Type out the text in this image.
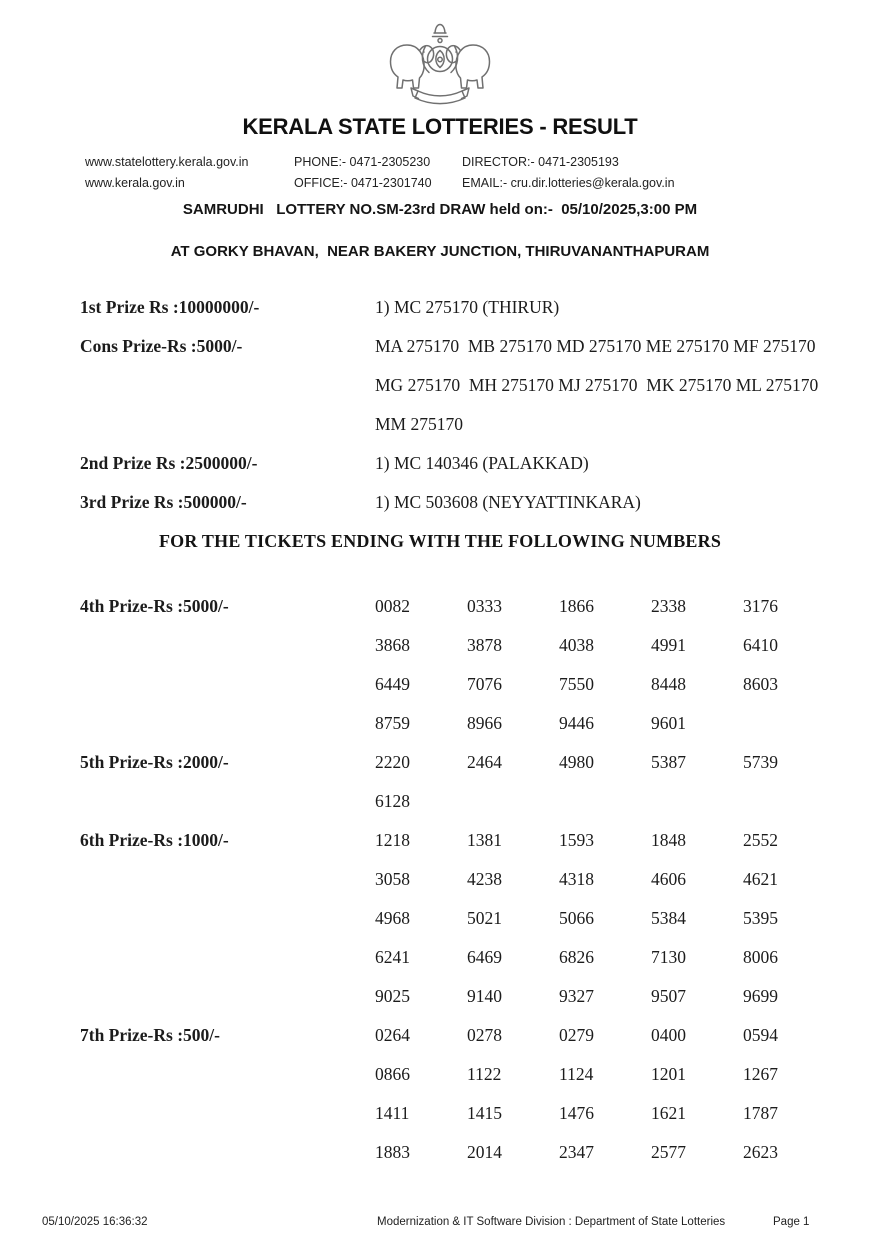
KERALA STATE LOTTERIES - RESULT
www.statelottery.kerala.gov.in	PHONE:- 0471-2305230	DIRECTOR:- 0471-2305193
www.kerala.gov.in	OFFICE:- 0471-2301740	EMAIL:- cru.dir.lotteries@kerala.gov.in
SAMRUDHI   LOTTERY NO.SM-23rd DRAW held on:-  05/10/2025,3:00 PM
AT GORKY BHAVAN,  NEAR BAKERY JUNCTION, THIRUVANANTHAPURAM
1st Prize Rs :10000000/-	1) MC 275170 (THIRUR)
Cons Prize-Rs :5000/-	MA 275170  MB 275170 MD 275170 ME 275170 MF 275170
MG 275170  MH 275170 MJ 275170  MK 275170 ML 275170
MM 275170
2nd Prize Rs :2500000/-	1) MC 140346 (PALAKKAD)
3rd Prize Rs :500000/-	1) MC 503608 (NEYYATTINKARA)
FOR THE TICKETS ENDING WITH THE FOLLOWING NUMBERS
4th Prize-Rs :5000/-	0082	0333	1866	2338	3176
3868	3878	4038	4991	6410
6449	7076	7550	8448	8603
8759	8966	9446	9601
5th Prize-Rs :2000/-	2220	2464	4980	5387	5739
6128
6th Prize-Rs :1000/-	1218	1381	1593	1848	2552
3058	4238	4318	4606	4621
4968	5021	5066	5384	5395
6241	6469	6826	7130	8006
9025	9140	9327	9507	9699
7th Prize-Rs :500/-	0264	0278	0279	0400	0594
0866	1122	1124	1201	1267
1411	1415	1476	1621	1787
1883	2014	2347	2577	2623
05/10/2025 16:36:32	Modernization & IT Software Division : Department of State Lotteries	Page 1
